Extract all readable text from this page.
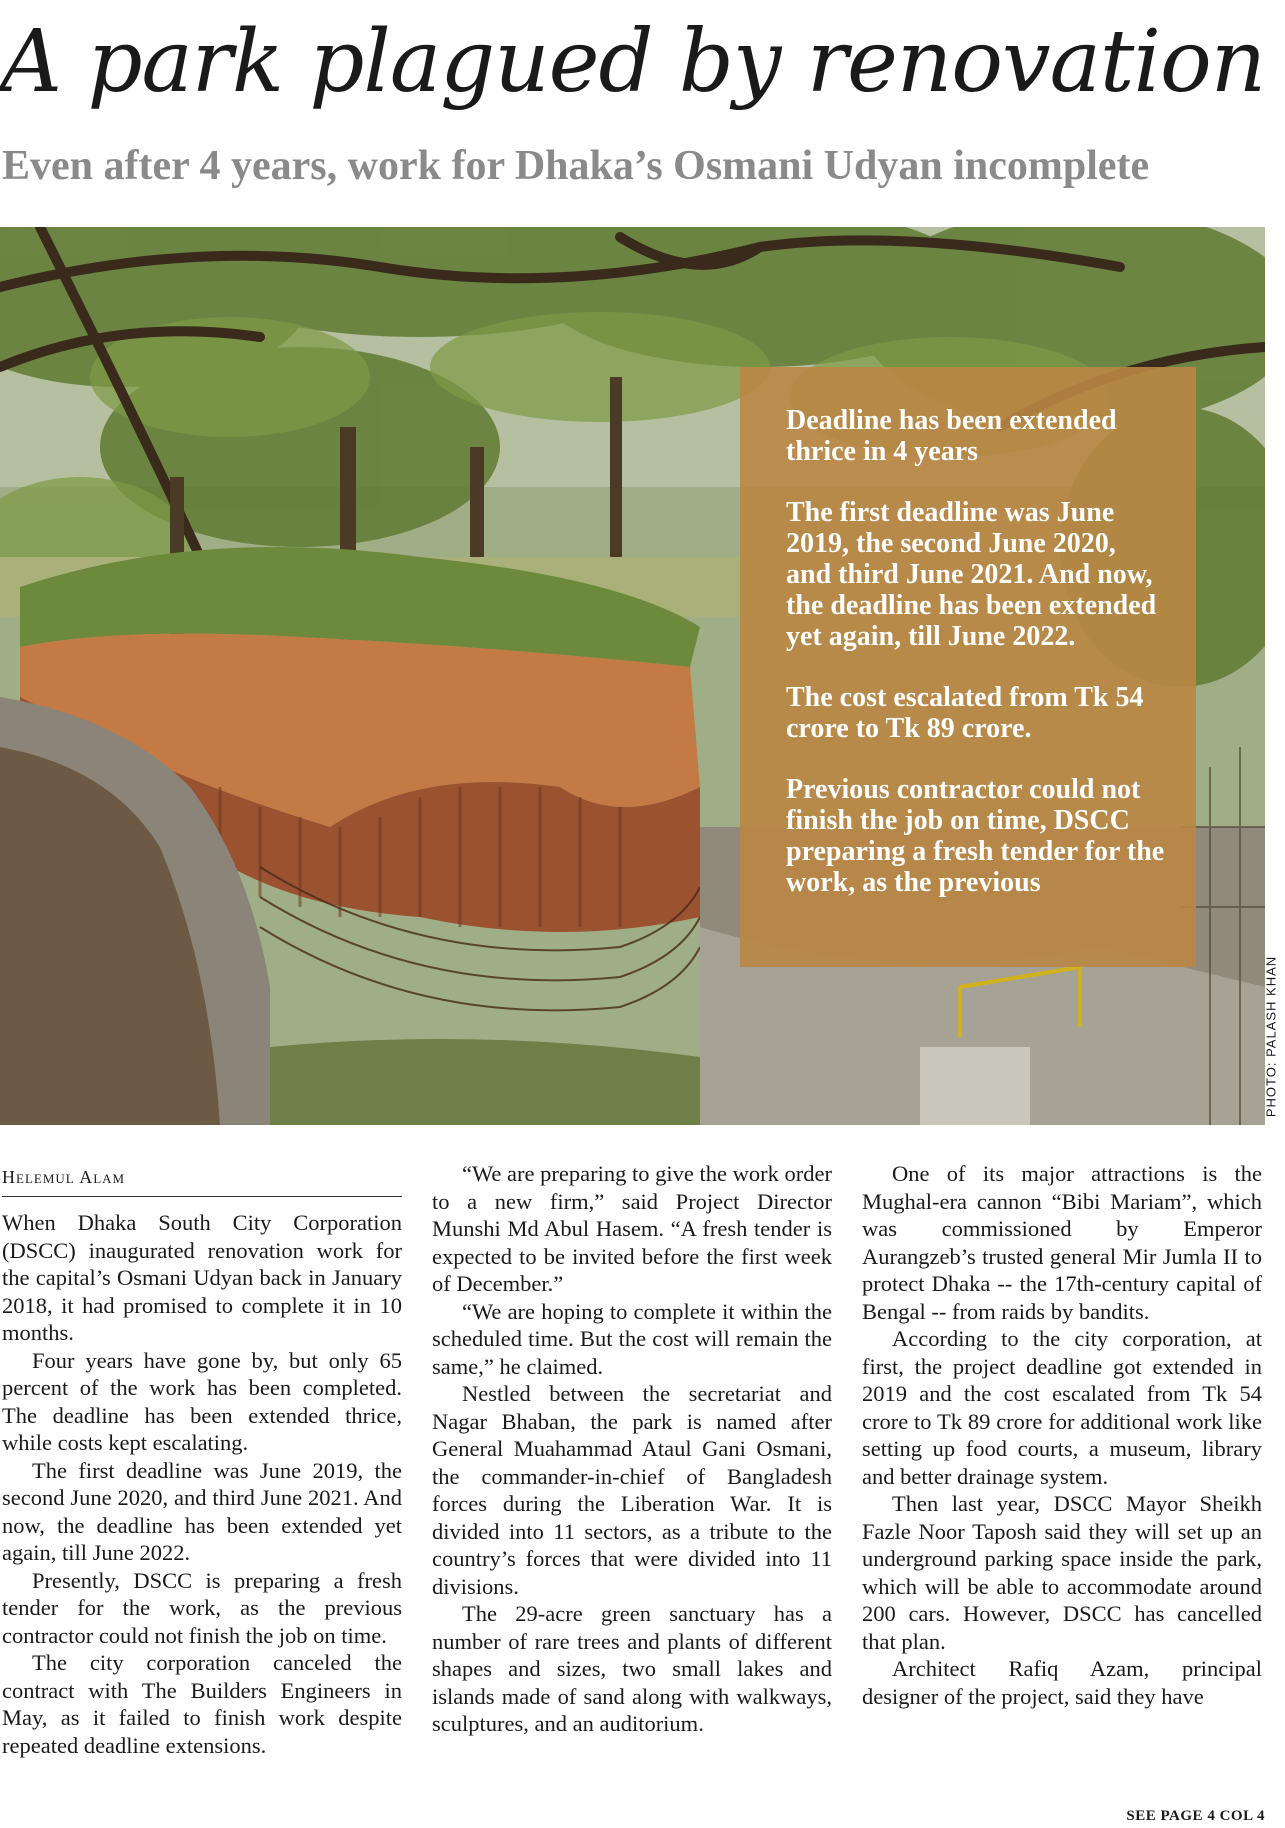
A park plagued by renovation
Even after 4 years, work for Dhaka’s Osmani Udyan incomplete

Deadline has been extended thrice in 4 years

The first deadline was June 2019, the second June 2020, and third June 2021. And now, the deadline has been extended yet again, till June 2022.

The cost escalated from Tk 54 crore to Tk 89 crore.

Previous contractor could not finish the job on time, DSCC preparing a fresh tender for the work, as the previous

PHOTO: PALASH KHAN
Helemul Alam

When Dhaka South City Corporation (DSCC) inaugurated renovation work for the capital’s Osmani Udyan back in January 2018, it had promised to complete it in 10 months.

Four years have gone by, but only 65 percent of the work has been completed. The deadline has been extended thrice, while costs kept escalating.

The first deadline was June 2019, the second June 2020, and third June 2021. And now, the deadline has been extended yet again, till June 2022.

Presently, DSCC is preparing a fresh tender for the work, as the previous contractor could not finish the job on time.

The city corporation canceled the contract with The Builders Engineers in May, as it failed to finish work despite repeated deadline extensions.

“We are preparing to give the work order to a new firm,” said Project Director Munshi Md Abul Hasem. “A fresh tender is expected to be invited before the first week of December.”

“We are hoping to complete it within the scheduled time. But the cost will remain the same,” he claimed.

Nestled between the secretariat and Nagar Bhaban, the park is named after General Muahammad Ataul Gani Osmani, the commander-in-chief of Bangladesh forces during the Liberation War. It is divided into 11 sectors, as a tribute to the country’s forces that were divided into 11 divisions.

The 29-acre green sanctuary has a number of rare trees and plants of different shapes and sizes, two small lakes and islands made of sand along with walkways, sculptures, and an auditorium.

One of its major attractions is the Mughal-era cannon “Bibi Mariam”, which was commissioned by Emperor Aurangzeb’s trusted general Mir Jumla II to protect Dhaka -- the 17th-century capital of Bengal -- from raids by bandits.

According to the city corporation, at first, the project deadline got extended in 2019 and the cost escalated from Tk 54 crore to Tk 89 crore for additional work like setting up food courts, a museum, library and better drainage system.

Then last year, DSCC Mayor Sheikh Fazle Noor Taposh said they will set up an underground parking space inside the park, which will be able to accommodate around 200 cars. However, DSCC has cancelled that plan.

Architect Rafiq Azam, principal designer of the project, said they have

SEE PAGE 4 COL 4
